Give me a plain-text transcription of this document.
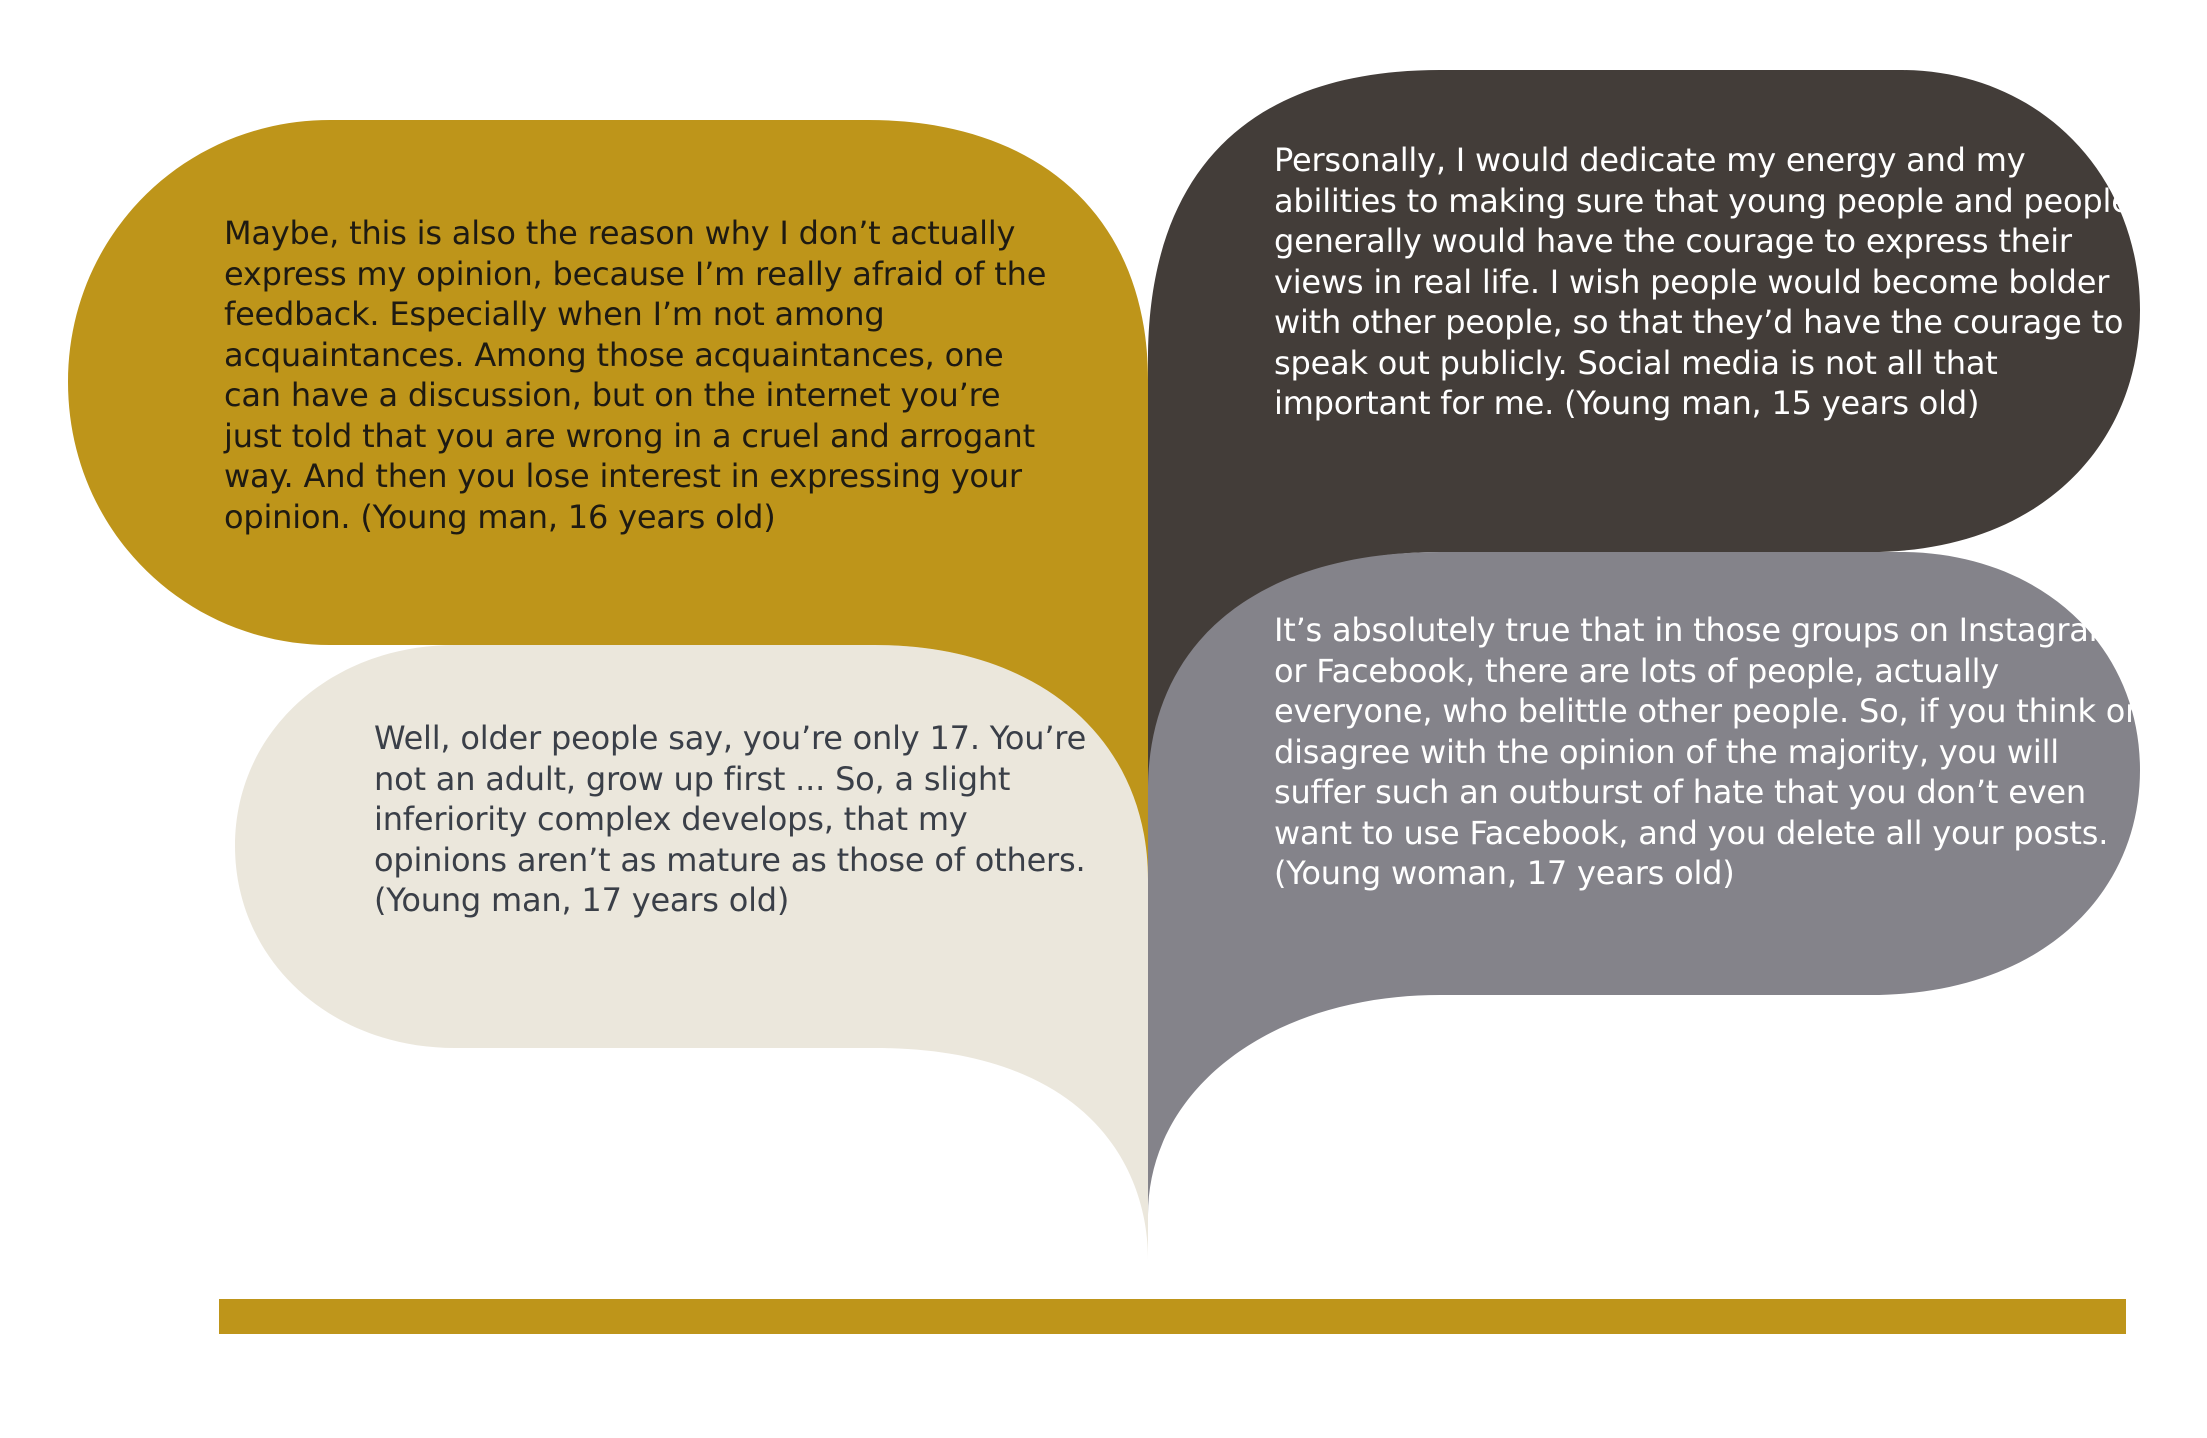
Maybe, this is also the reason why I don’t actually express my opinion, because I’m really afraid of the feedback. Especially when I’m not among acquaintances. Among those acquaintances, one can have a discussion, but on the internet you’re just told that you are wrong in a cruel and arrogant way. And then you lose interest in expressing your opinion. (Young man, 16 years old)

Well, older people say, you’re only 17. You’re not an adult, grow up first ... So, a slight inferiority complex develops, that my opinions aren’t as mature as those of others. (Young man, 17 years old)

Personally, I would dedicate my energy and my abilities to making sure that young people and people generally would have the courage to express their views in real life. I wish people would become bolder with other people, so that they’d have the courage to speak out publicly. Social media is not all that important for me. (Young man, 15 years old)

It’s absolutely true that in those groups on Instagram or Facebook, there are lots of people, actually everyone, who belittle other people. So, if you think or disagree with the opinion of the majority, you will suffer such an outburst of hate that you don’t even want to use Facebook, and you delete all your posts. (Young woman, 17 years old)
